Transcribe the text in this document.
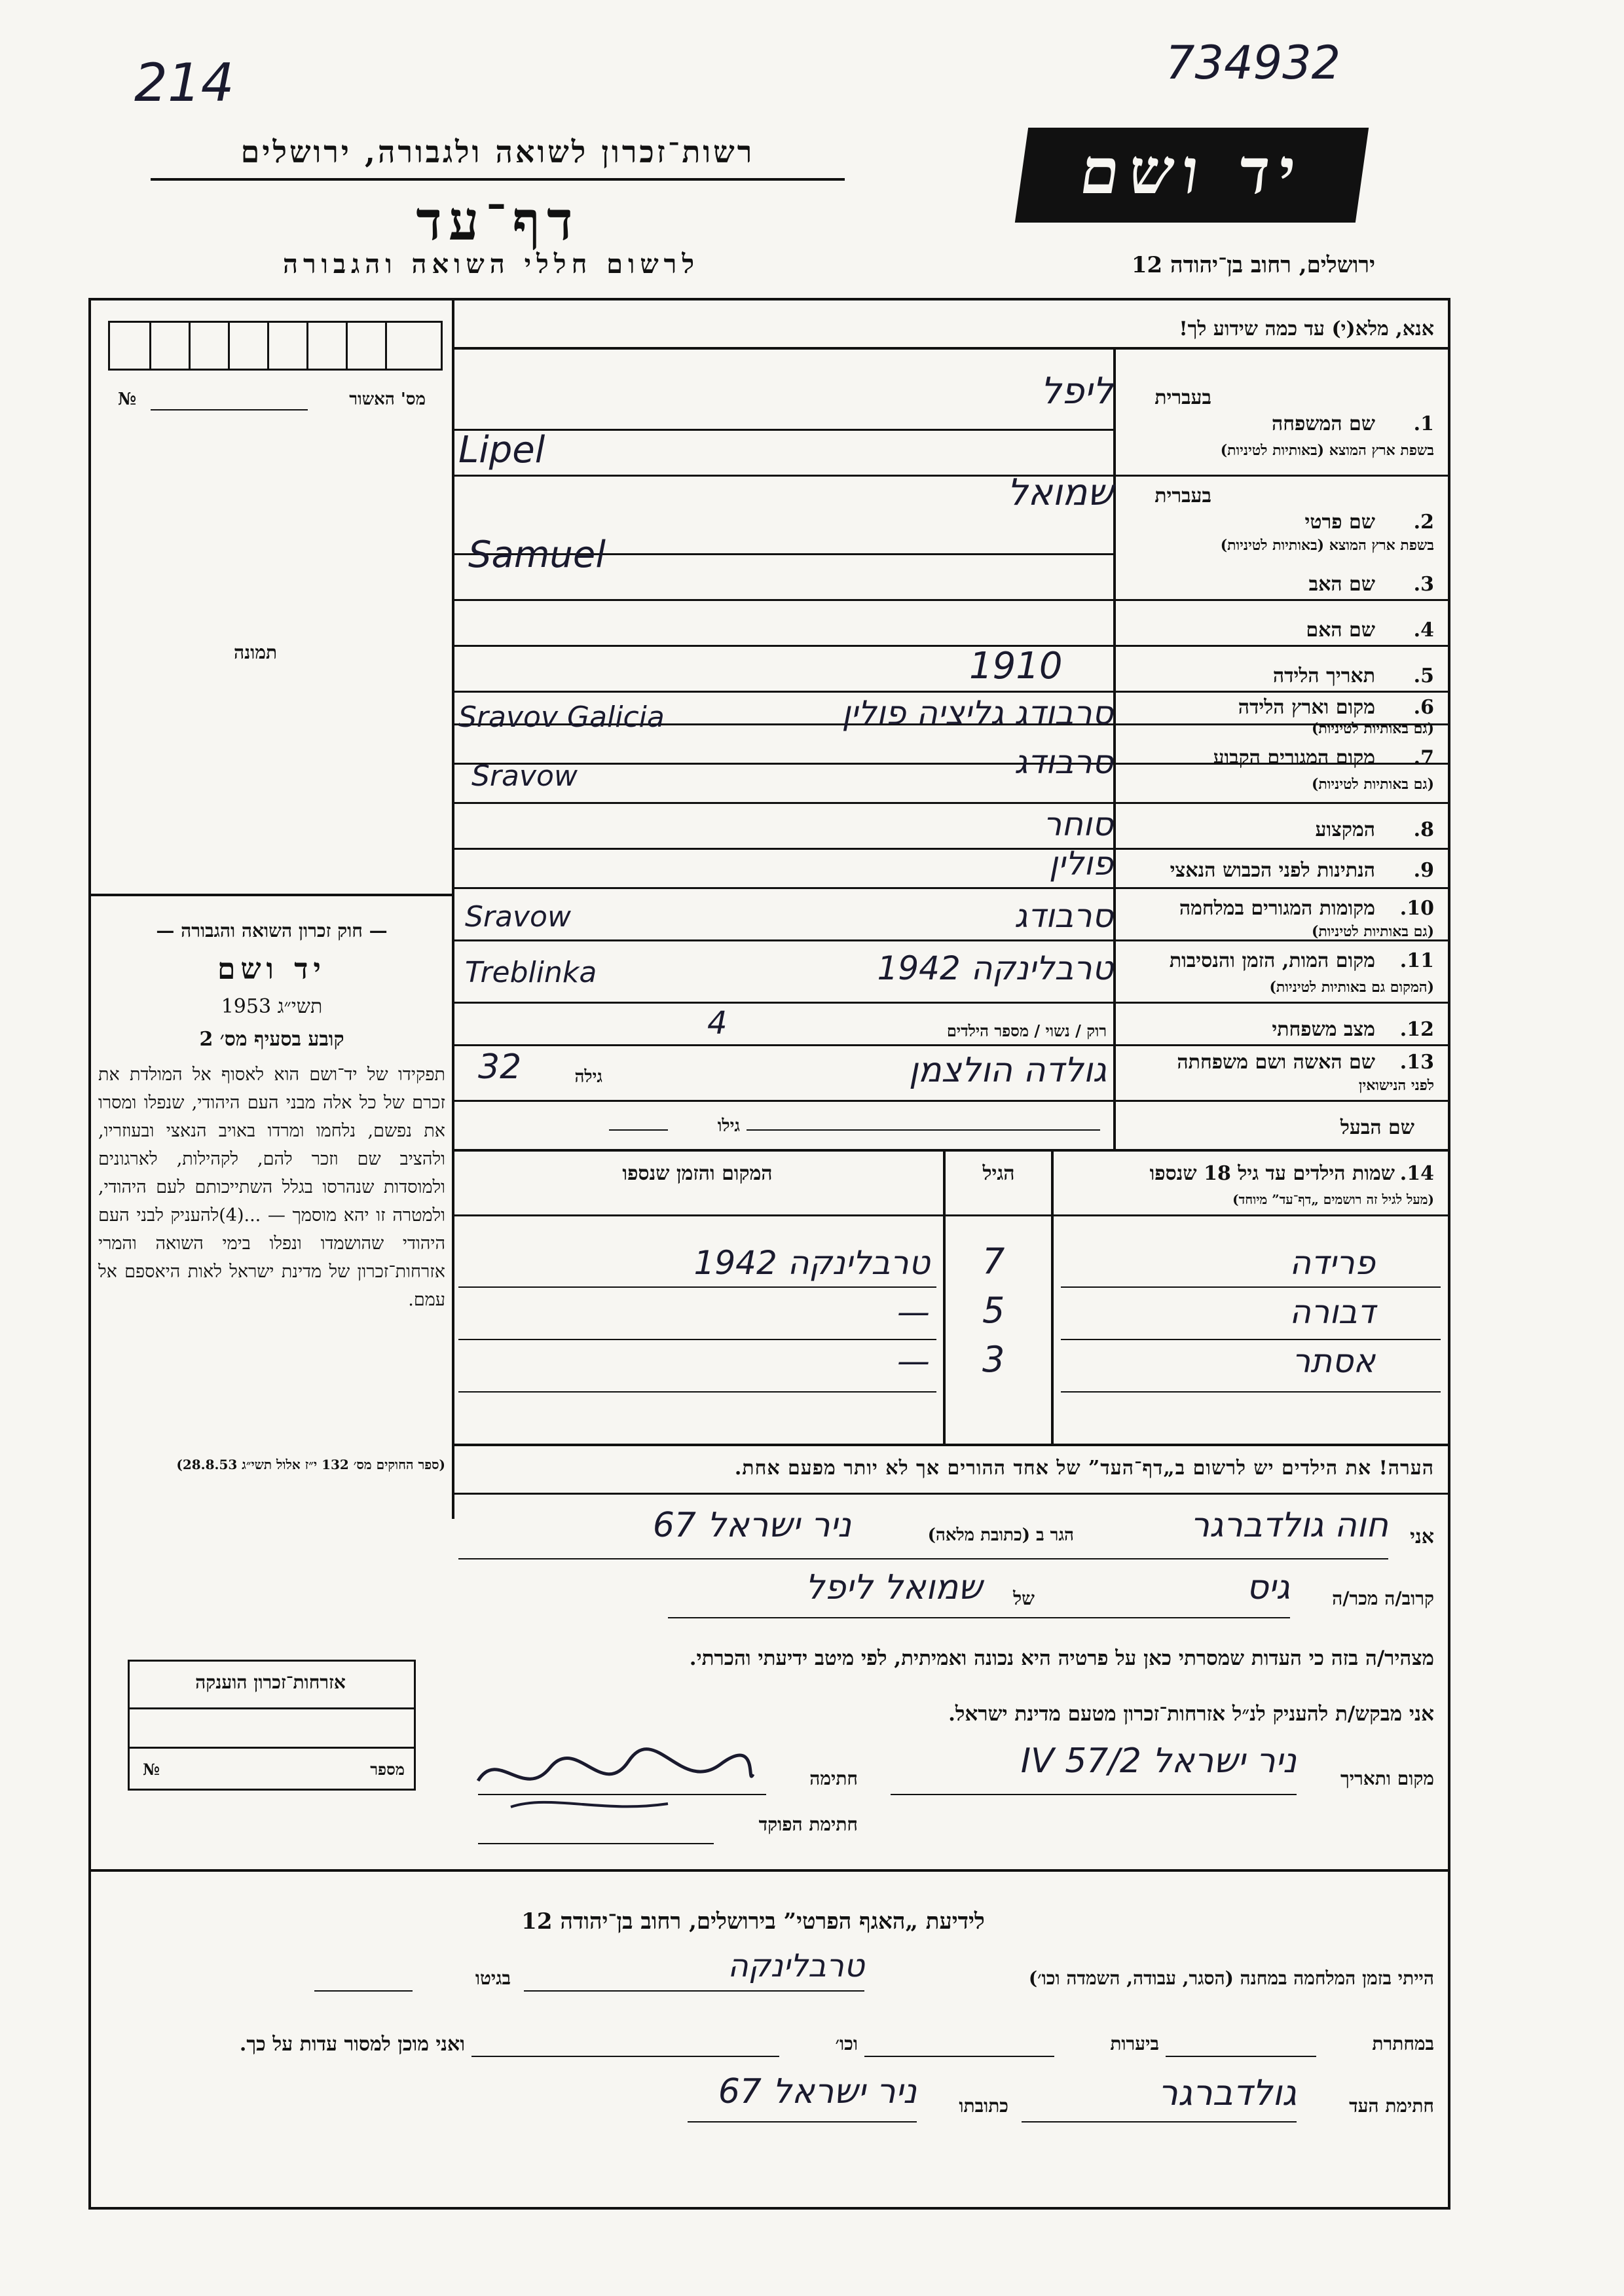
214	734932
רשות־זכרון לשואה ולגבורה, ירושלים
דף־עד
לרשום חללי השואה והגבורה
יד ושם
ירושלים, רחוב בן־יהודה 12
מס' האשור
№
תמונה
— חוק זכרון השואה והגבורה —
יד ושם
תשי״ג 1953
קובע בסעיף מס׳ 2
תפקידו של יד־ושם הוא לאסוף אל המולדת את זכרם של כל אלה מבני העם היהודי, שנפלו ומסרו את נפשם, נלחמו ומרדו באויב הנאצי ובעוזריו, ולהציב שם וזכר להם, לקהילות, לארגונים ולמוסדות שנהרסו בגלל השתייכותם לעם היהודי, ולמטרה זו יהא מוסמך — ...(4)להעניק לבני העם היהודי שהושמדו ונפלו בימי השואה והמרי אזרחות־זכרון של מדינת ישראל לאות היאספם אל עמם.
(ספר החוקים מס׳ 132 י״ז אלול תשי״ג 28.8.53)
אנא, מלא(י) עד כמה שידוע לך!
בעברית
1.
שם המשפחה
בשפת ארץ המוצא (באותיות לטיניות)
ליפל
Lipel
בעברית
2.
שם פרטי
בשפת ארץ המוצא (באותיות לטיניות)
שמואל
Samuel
3.
שם האב
4.
שם האם
5.
תאריך הלידה
1910
6.
מקום וארץ הלידה
(גם באותיות לטיניות)
סרבודג גליציה פולין
Sravov Galicia
7.
מקום המגורים הקבוע
(גם באותיות לטיניות)
סרבודג
Sravow
8.
המקצוע
סוחר
9.
הנתינות לפני הכבוש הנאצי
פולין
10.
מקומות המגורים במלחמה
(גם באותיות לטיניות)
סרבודג
Sravow
11.
מקום המות, הזמן והנסיבות
(המקום גם באותיות לטיניות)
טרבלינקה 1942
Treblinka
12.
מצב משפחתי
רוק / נשוי / מספר הילדים
4
13.
שם האשה ושם משפחתה
לפני הנישואין
גילה
32	גולדה הולצמן
שם הבעל
גילו
14.
שמות הילדים עד גיל 18 שנספו
(מעל לגיל זה רושמים „דף־עד” מיוחד)
הגיל
המקום והזמן שנספו
פרידה
7
טרבלינקה 1942
דבורה
5
—
אסתר
3
—
הערה! את הילדים יש לרשום ב„דף־העד” של אחד ההורים אך לא יותר מפעם אחת.
אני
חוה גולדברגר
הגר ב (כתובת מלאה)
ניר ישראל 67
קרוב/ה מכר/ה
גיס
של
שמואל ליפל
מצהיר/ה בזה כי העדות שמסרתי כאן על פרטיה היא נכונה ואמיתית, לפי מיטב ידיעתי והכרתי.
אני מבקש/ת להעניק לנ״ל אזרחות־זכרון מטעם מדינת ישראל.
מקום ותאריך
ניר ישראל 2/IV 57
חתימה
חתימת הפוקד
אזרחות־זכרון הוענקה
מספר
№
לידיעת „האגף הפרטי” בירושלים, רחוב בן־יהודה 12
הייתי בזמן המלחמה במחנה (הסגר, עבודה, השמדה וכו׳)
טרבלינקה
בגיטו
במחתרת
ביערות
וכו׳
ואני מוכן למסור עדות על כך.
חתימת העד
גולדברגר
כתובתו
ניר ישראל 67
